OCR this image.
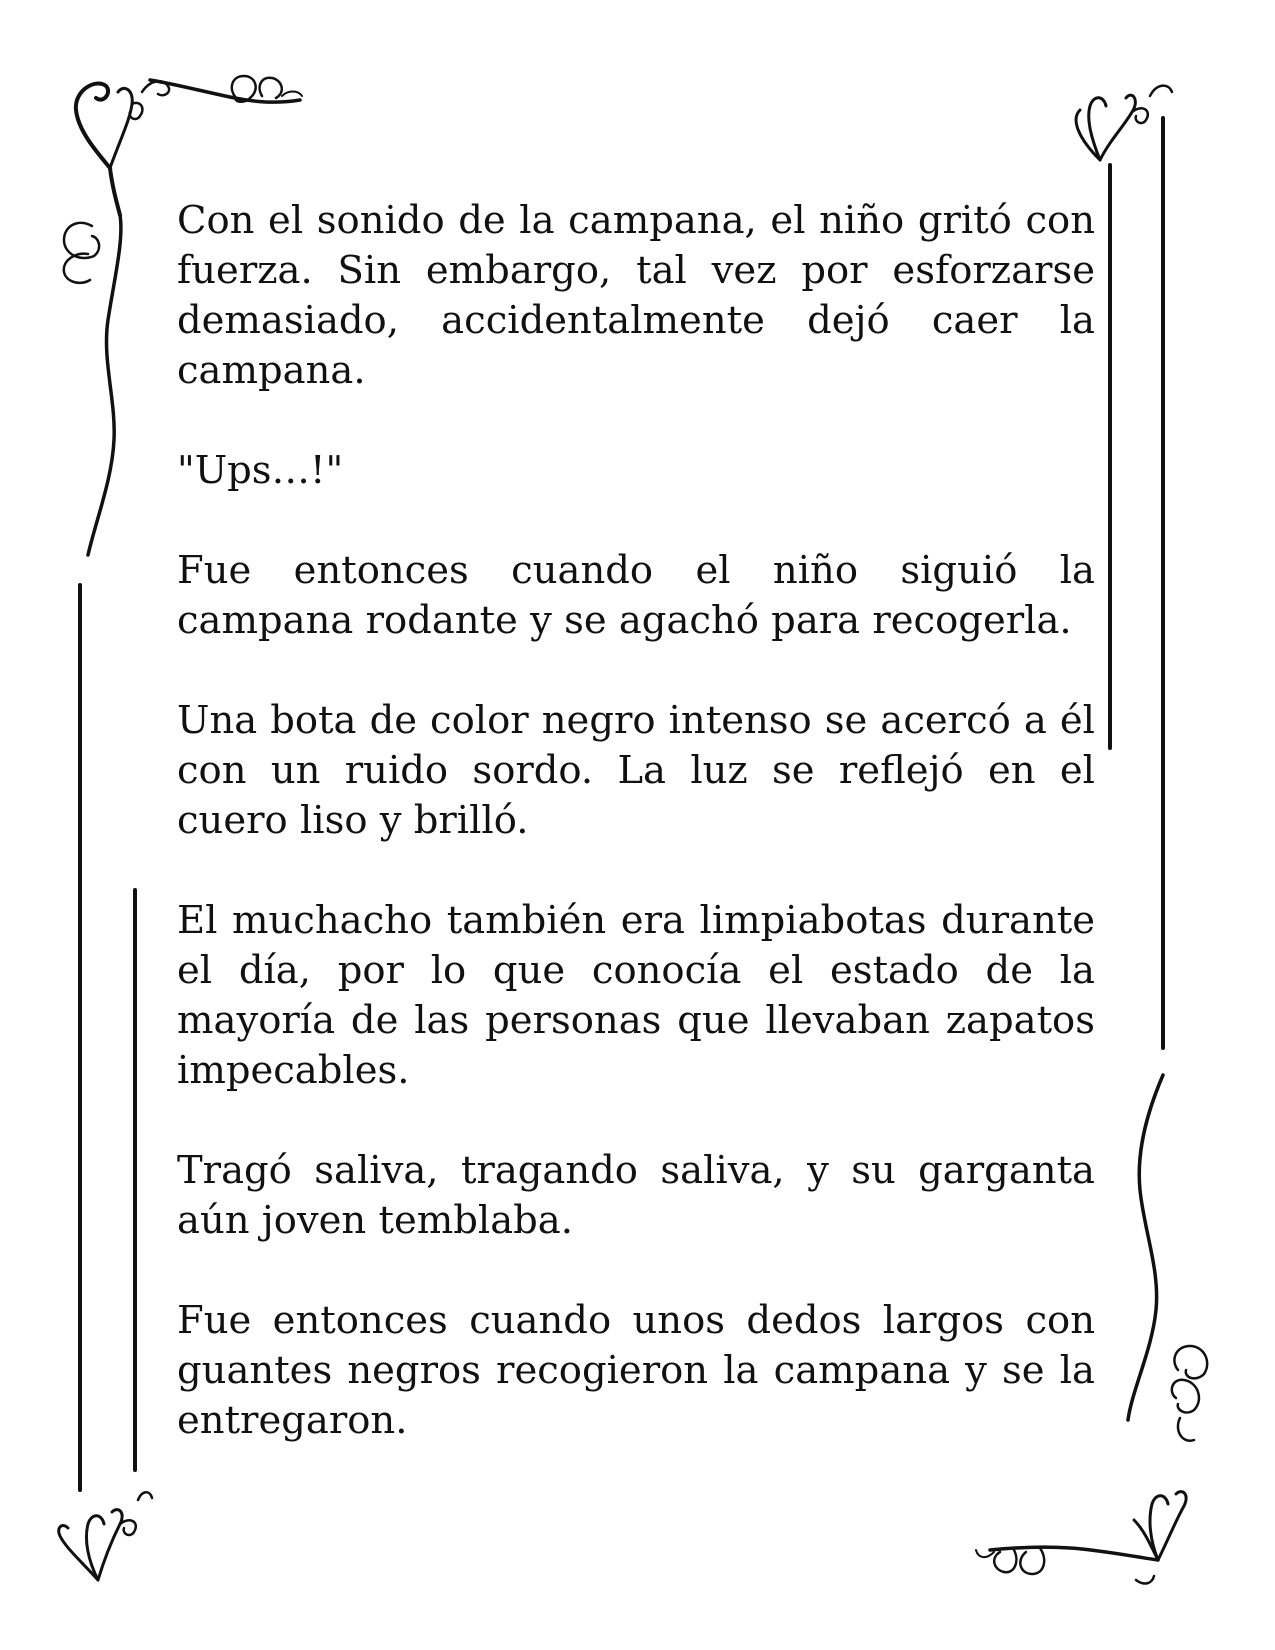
Con el sonido de la campana, el niño gritó con fuerza. Sin embargo, tal vez por esforzarse demasiado, accidentalmente dejó caer la campana.

"Ups…!"

Fue entonces cuando el niño siguió la campana rodante y se agachó para recogerla.

Una bota de color negro intenso se acercó a él con un ruido sordo. La luz se reflejó en el cuero liso y brilló.

El muchacho también era limpiabotas durante el día, por lo que conocía el estado de la mayoría de las personas que llevaban zapatos impecables.

Tragó saliva, tragando saliva, y su garganta aún joven temblaba.

Fue entonces cuando unos dedos largos con guantes negros recogieron la campana y se la entregaron.
